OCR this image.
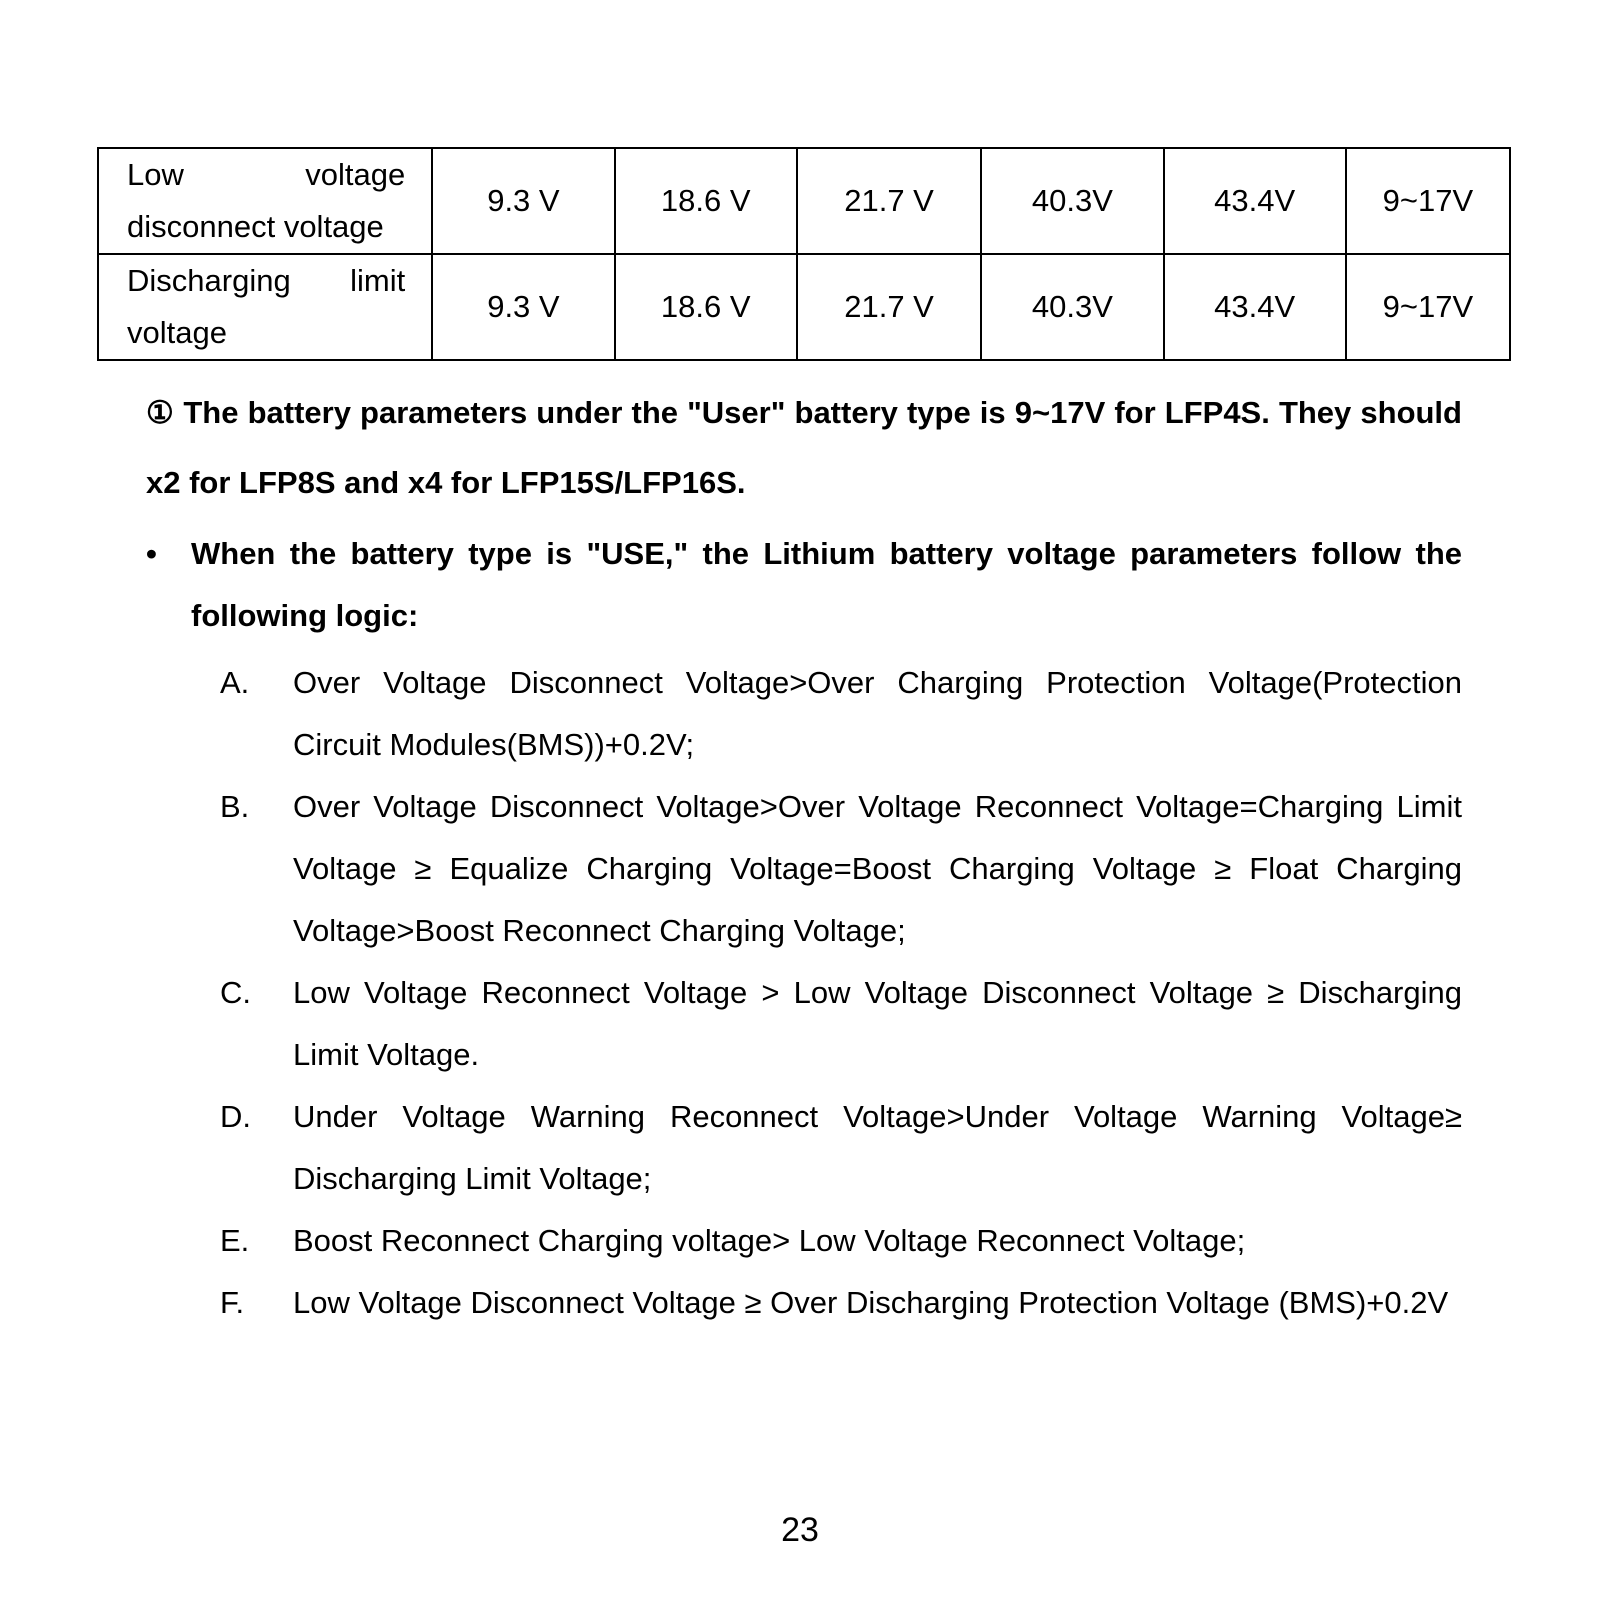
Low voltage
disconnect voltage	9.3 V	18.6 V	21.7 V	40.3V	43.4V	9~17V

Discharging limit
voltage	9.3 V	18.6 V	21.7 V	40.3V	43.4V	9~17V
① The battery parameters under the "User" battery type is 9~17V for LFP4S. They should x2 for LFP8S and x4 for LFP15S/LFP16S.
• When the battery type is "USE," the Lithium battery voltage parameters follow the following logic:
A. Over Voltage Disconnect Voltage>Over Charging Protection Voltage(Protection Circuit Modules(BMS))+0.2V;
B. Over Voltage Disconnect Voltage>Over Voltage Reconnect Voltage=Charging Limit Voltage ≥ Equalize Charging Voltage=Boost Charging Voltage ≥ Float Charging Voltage>Boost Reconnect Charging Voltage;
C. Low Voltage Reconnect Voltage > Low Voltage Disconnect Voltage ≥ Discharging Limit Voltage.
D. Under Voltage Warning Reconnect Voltage>Under Voltage Warning Voltage≥ Discharging Limit Voltage;
E. Boost Reconnect Charging voltage> Low Voltage Reconnect Voltage;
F. Low Voltage Disconnect Voltage ≥ Over Discharging Protection Voltage (BMS)+0.2V
23
